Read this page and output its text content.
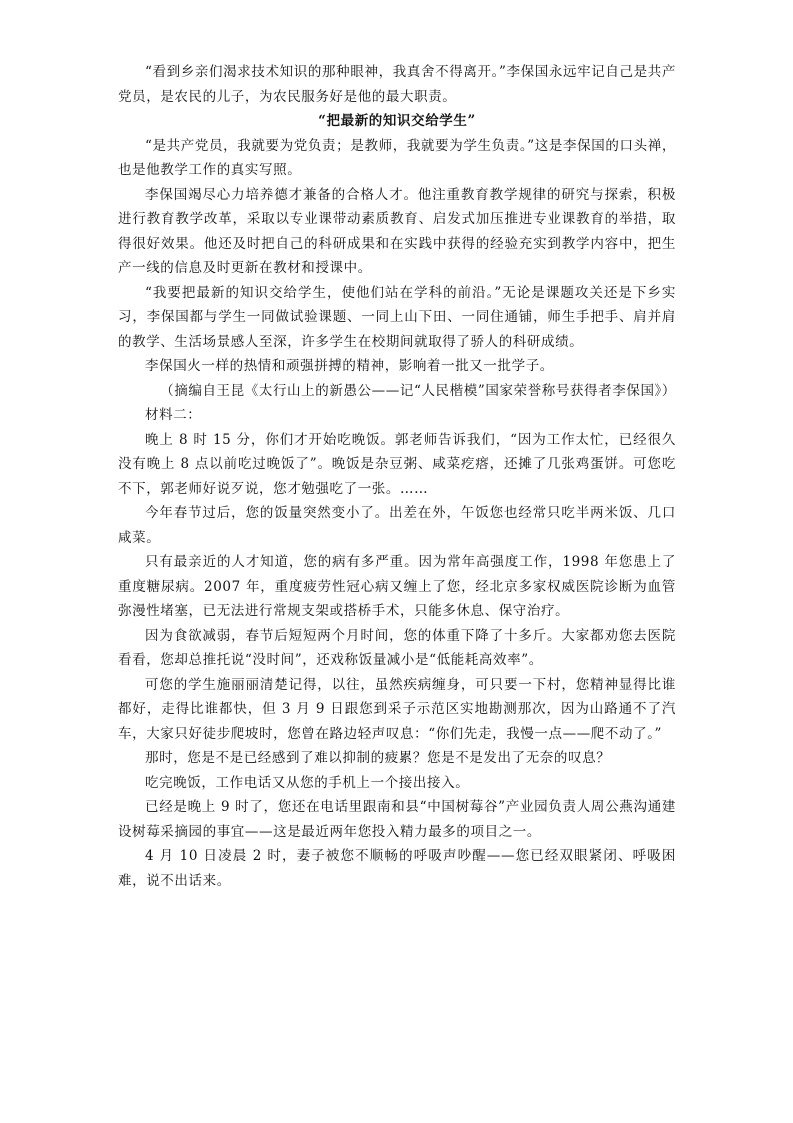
“看到乡亲们渴求技术知识的那种眼神，我真舍不得离开。”李保国永远牢记自己是共产党员，是农民的儿子，为农民服务好是他的最大职责。

“把最新的知识交给学生”

“是共产党员，我就要为党负责；是教师，我就要为学生负责。”这是李保国的口头禅，也是他教学工作的真实写照。

李保国竭尽心力培养德才兼备的合格人才。他注重教育教学规律的研究与探索，积极进行教育教学改革，采取以专业课带动素质教育、启发式加压推进专业课教育的举措，取得很好效果。他还及时把自己的科研成果和在实践中获得的经验充实到教学内容中，把生产一线的信息及时更新在教材和授课中。

“我要把最新的知识交给学生，使他们站在学科的前沿。”无论是课题攻关还是下乡实习，李保国都与学生一同做试验课题、一同上山下田、一同住通铺，师生手把手、肩并肩的教学、生活场景感人至深，许多学生在校期间就取得了骄人的科研成绩。

李保国火一样的热情和顽强拼搏的精神，影响着一批又一批学子。

（摘编自王昆《太行山上的新愚公——记“人民楷模”国家荣誉称号获得者李保国》）

材料二：

晚上 8 时 15 分，你们才开始吃晚饭。郭老师告诉我们，“因为工作太忙，已经很久没有晚上 8 点以前吃过晚饭了”。晚饭是杂豆粥、咸菜疙瘩，还摊了几张鸡蛋饼。可您吃不下，郭老师好说歹说，您才勉强吃了一张。……

今年春节过后，您的饭量突然变小了。出差在外，午饭您也经常只吃半两米饭、几口咸菜。

只有最亲近的人才知道，您的病有多严重。因为常年高强度工作，1998 年您患上了重度糖尿病。2007 年，重度疲劳性冠心病又缠上了您，经北京多家权威医院诊断为血管弥漫性堵塞，已无法进行常规支架或搭桥手术，只能多休息、保守治疗。

因为食欲减弱，春节后短短两个月时间，您的体重下降了十多斤。大家都劝您去医院看看，您却总推托说“没时间”，还戏称饭量减小是“低能耗高效率”。

可您的学生施丽丽清楚记得，以往，虽然疾病缠身，可只要一下村，您精神显得比谁都好，走得比谁都快，但 3 月 9 日跟您到采子示范区实地勘测那次，因为山路通不了汽车，大家只好徒步爬坡时，您曾在路边轻声叹息：“你们先走，我慢一点——爬不动了。”

那时，您是不是已经感到了难以抑制的疲累？您是不是发出了无奈的叹息？

吃完晚饭，工作电话又从您的手机上一个接出接入。

已经是晚上 9 时了，您还在电话里跟南和县“中国树莓谷”产业园负责人周公燕沟通建设树莓采摘园的事宜——这是最近两年您投入精力最多的项目之一。

4 月 10 日凌晨 2 时，妻子被您不顺畅的呼吸声吵醒——您已经双眼紧闭、呼吸困难，说不出话来。
